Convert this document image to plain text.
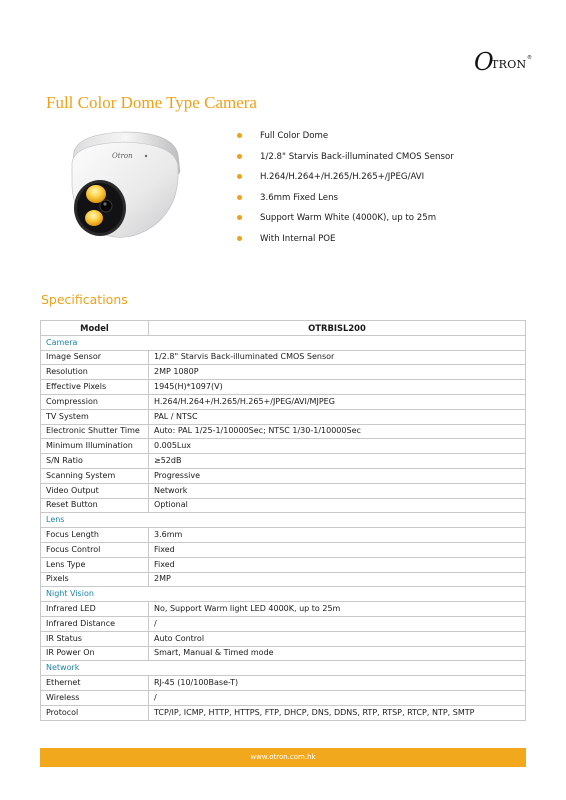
O
TRON ®
Full Color Dome Type Camera
Otron
Full Color Dome
1/2.8" Starvis Back-illuminated CMOS Sensor
H.264/H.264+/H.265/H.265+/JPEG/AVI
3.6mm Fixed Lens
Support Warm White (4000K), up to 25m
With Internal POE
Specifications
Model	OTRBISL200
Camera	
Image Sensor	1/2.8" Starvis Back-illuminated CMOS Sensor
Resolution	2MP 1080P
Effective Pixels	1945(H)*1097(V)
Compression	H.264/H.264+/H.265/H.265+/JPEG/AVI/MJPEG
TV System	PAL / NTSC
Electronic Shutter Time	Auto: PAL 1/25-1/10000Sec; NTSC 1/30-1/10000Sec
Minimum Illumination	0.005Lux
S/N Ratio	≥52dB
Scanning System	Progressive
Video Output	Network
Reset Button	Optional
Lens	
Focus Length	3.6mm
Focus Control	Fixed
Lens Type	Fixed
Pixels	2MP
Night Vision	
Infrared LED	No, Support Warm light LED 4000K, up to 25m
Infrared Distance	/
IR Status	Auto Control
IR Power On	Smart, Manual & Timed mode
Network	
Ethernet	RJ-45 (10/100Base-T)
Wireless	/
Protocol	TCP/IP, ICMP, HTTP, HTTPS, FTP, DHCP, DNS, DDNS, RTP, RTSP, RTCP, NTP, SMTP
www.otron.com.hk
